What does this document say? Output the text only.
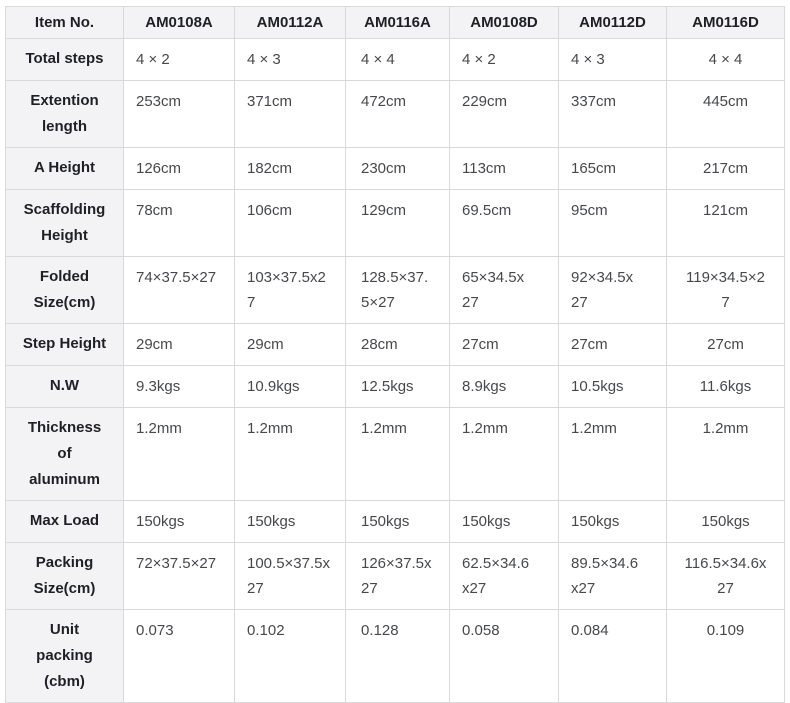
Item No.	AM0108A	AM0112A	AM0116A	AM0108D	AM0112D	AM0116D
Total steps	4 × 2	4 × 3	4 × 4	4 × 2	4 × 3	4 × 4
Extention length	253cm	371cm	472cm	229cm	337cm	445cm
A Height	126cm	182cm	230cm	113cm	165cm	217cm
Scaffolding Height	78cm	106cm	129cm	69.5cm	95cm	121cm
Folded Size(cm)	74×37.5×27	103×37.5x27	128.5×37.5×27	65×34.5x27	92×34.5x27	119×34.5×27
Step Height	29cm	29cm	28cm	27cm	27cm	27cm
N.W	9.3kgs	10.9kgs	12.5kgs	8.9kgs	10.5kgs	11.6kgs
Thickness of aluminum	1.2mm	1.2mm	1.2mm	1.2mm	1.2mm	1.2mm
Max Load	150kgs	150kgs	150kgs	150kgs	150kgs	150kgs
Packing Size(cm)	72×37.5×27	100.5×37.5x27	126×37.5x27	62.5×34.6x27	89.5×34.6x27	116.5×34.6x27
Unit packing (cbm)	0.073	0.102	0.128	0.058	0.084	0.109
